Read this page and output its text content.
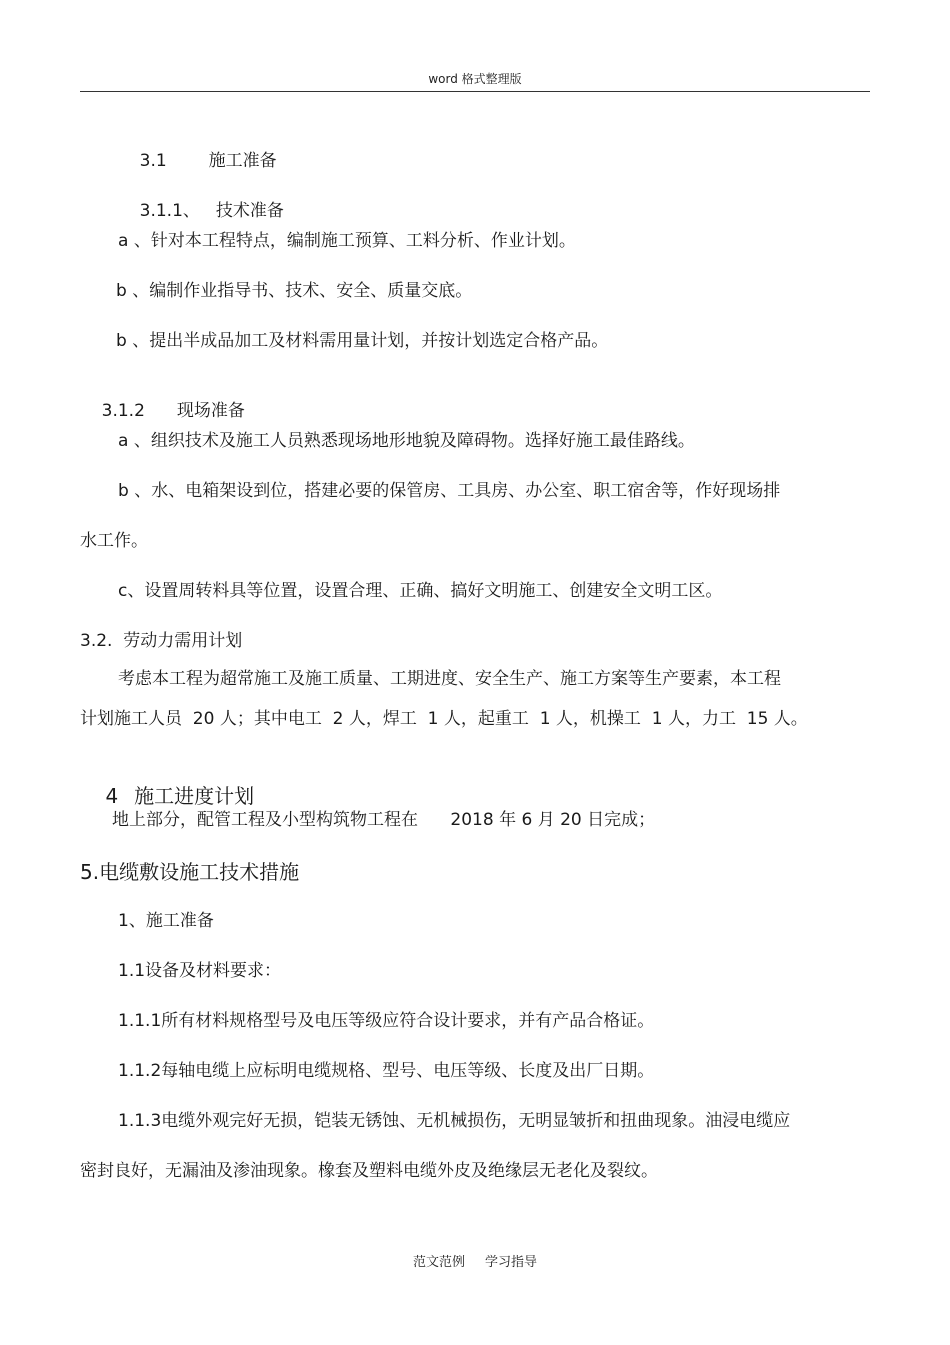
word 格式整理版

3.1 施工准备

3.1.1、 技术准备

a 、针对本工程特点，编制施工预算、工料分析、作业计划。
b 、编制作业指导书、技术、安全、质量交底。
b 、提出半成品加工及材料需用量计划，并按计划选定合格产品。

3.1.2 现场准备

a 、组织技术及施工人员熟悉现场地形地貌及障碍物。选择好施工最佳路线。
b 、水、电箱架设到位，搭建必要的保管房、工具房、办公室、职工宿舍等，作好现场排
水工作。
c、设置周转料具等位置，设置合理、正确、搞好文明施工、创建安全文明工区。
3.2.  劳动力需用计划
考虑本工程为超常施工及施工质量、工期进度、安全生产、施工方案等生产要素，本工程
计划施工人员  20 人；其中电工  2 人，焊工  1 人，起重工  1 人，机操工  1 人，力工  15 人。

4 施工进度计划

地上部分，配管工程及小型构筑物工程在      2018 年 6 月 20 日完成；
5.电缆敷设施工技术措施
1、施工准备
1.1设备及材料要求：
1.1.1所有材料规格型号及电压等级应符合设计要求，并有产品合格证。
1.1.2每轴电缆上应标明电缆规格、型号、电压等级、长度及出厂日期。
1.1.3电缆外观完好无损，铠装无锈蚀、无机械损伤，无明显皱折和扭曲现象。油浸电缆应
密封良好，无漏油及渗油现象。橡套及塑料电缆外皮及绝缘层无老化及裂纹。
范文范例 学习指导
